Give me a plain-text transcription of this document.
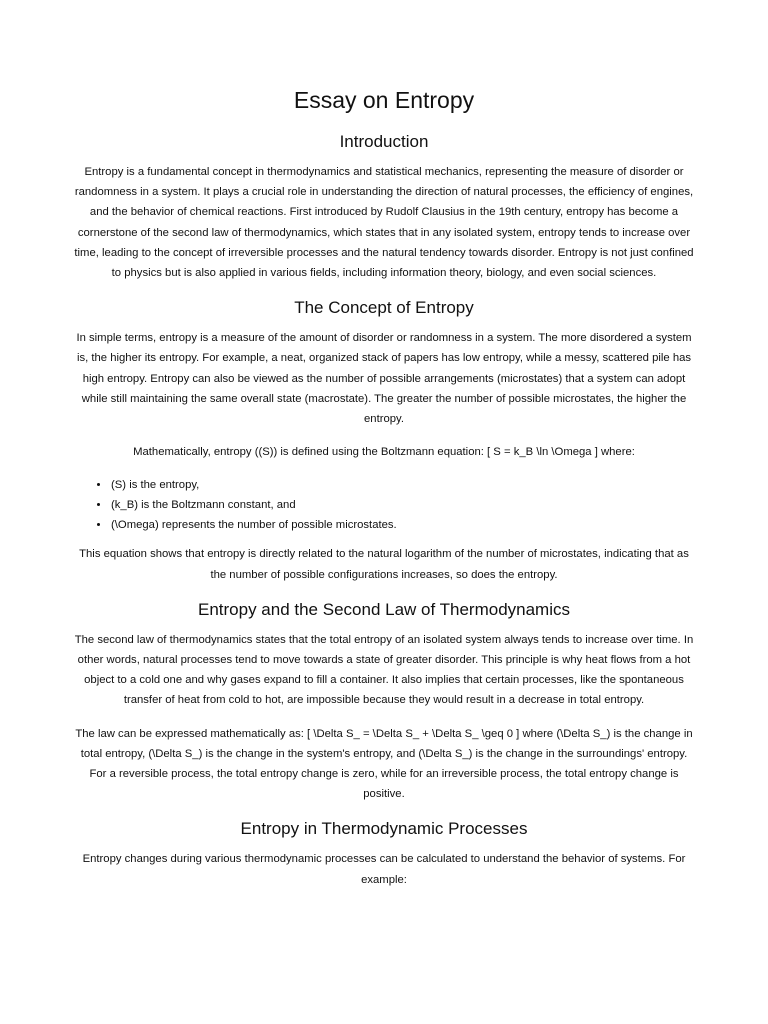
Essay on Entropy
Introduction

Entropy is a fundamental concept in thermodynamics and statistical mechanics, representing the measure of disorder or randomness in a system. It plays a crucial role in understanding the direction of natural processes, the efficiency of engines, and the behavior of chemical reactions. First introduced by Rudolf Clausius in the 19th century, entropy has become a cornerstone of the second law of thermodynamics, which states that in any isolated system, entropy tends to increase over time, leading to the concept of irreversible processes and the natural tendency towards disorder. Entropy is not just confined to physics but is also applied in various fields, including information theory, biology, and even social sciences.

The Concept of Entropy

In simple terms, entropy is a measure of the amount of disorder or randomness in a system. The more disordered a system is, the higher its entropy. For example, a neat, organized stack of papers has low entropy, while a messy, scattered pile has high entropy. Entropy can also be viewed as the number of possible arrangements (microstates) that a system can adopt while still maintaining the same overall state (macrostate). The greater the number of possible microstates, the higher the entropy.

Mathematically, entropy ((S)) is defined using the Boltzmann equation: [ S = k_B \ln \Omega ] where:

• (S) is the entropy,
• (k_B) is the Boltzmann constant, and
• (\Omega) represents the number of possible microstates.

This equation shows that entropy is directly related to the natural logarithm of the number of microstates, indicating that as the number of possible configurations increases, so does the entropy.

Entropy and the Second Law of Thermodynamics

The second law of thermodynamics states that the total entropy of an isolated system always tends to increase over time. In other words, natural processes tend to move towards a state of greater disorder. This principle is why heat flows from a hot object to a cold one and why gases expand to fill a container. It also implies that certain processes, like the spontaneous transfer of heat from cold to hot, are impossible because they would result in a decrease in total entropy.

The law can be expressed mathematically as: [ \Delta S_ = \Delta S_ + \Delta S_ \geq 0 ] where (\Delta S_) is the change in total entropy, (\Delta S_) is the change in the system's entropy, and (\Delta S_) is the change in the surroundings' entropy. For a reversible process, the total entropy change is zero, while for an irreversible process, the total entropy change is positive.

Entropy in Thermodynamic Processes

Entropy changes during various thermodynamic processes can be calculated to understand the behavior of systems. For example:
